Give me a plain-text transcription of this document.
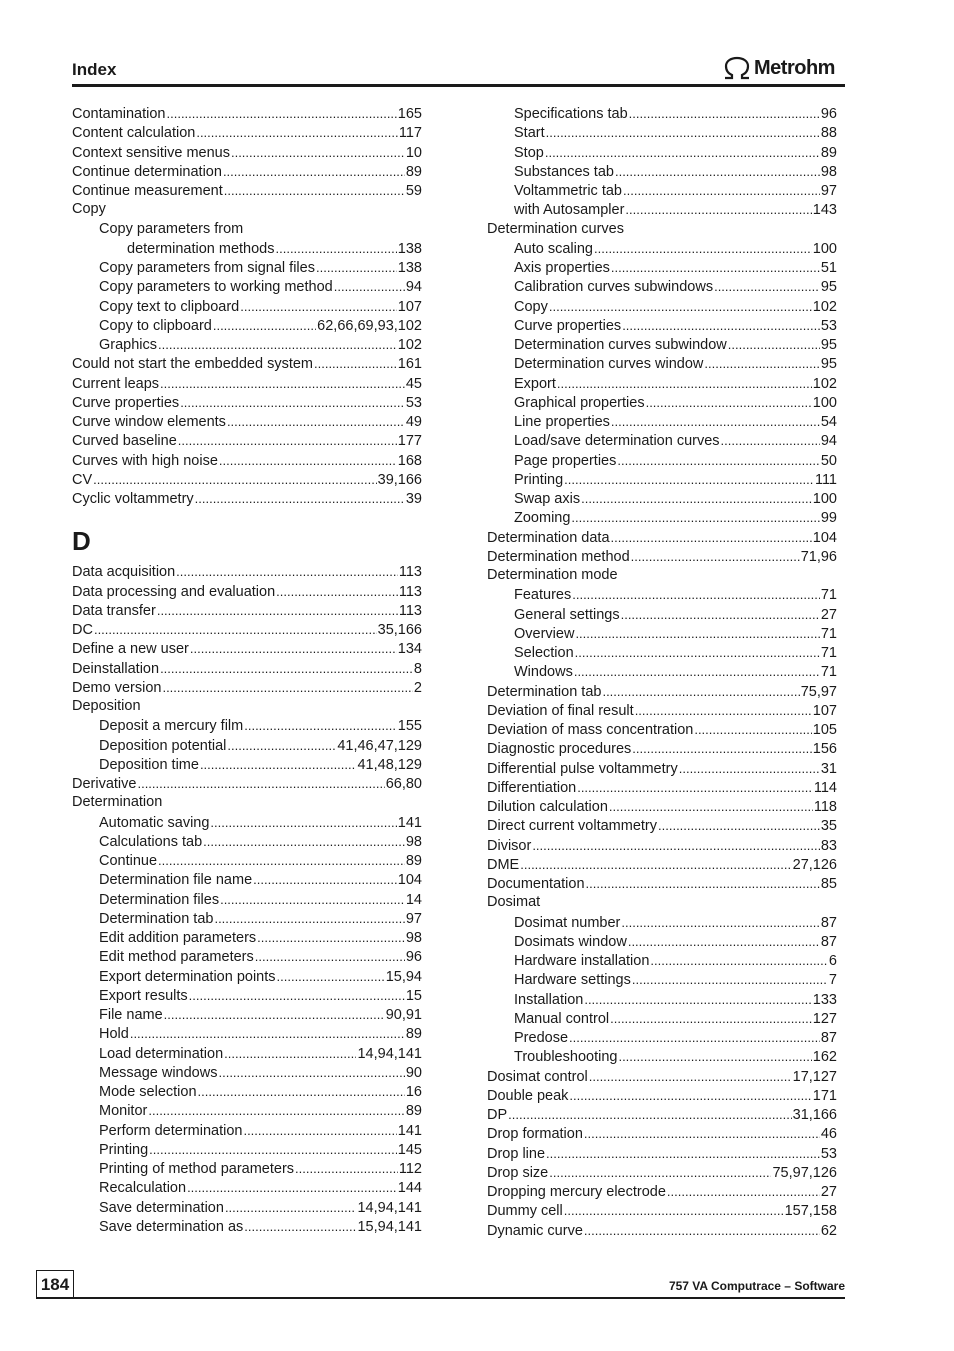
Index	Metrohm
Contamination .....	165
Content calculation .....	117
Context sensitive menus .....	10
Continue determination .....	89
Continue measurement .....	59
Copy
Copy parameters from
determination methods .....	138
Copy parameters from signal files .....	138
Copy parameters to working method .....	94
Copy text to clipboard .....	107
Copy to clipboard .....	62,66,69,93,102
Graphics .....	102
Could not start the embedded system .....	161
Current leaps .....	45
Curve properties .....	53
Curve window elements .....	49
Curved baseline .....	177
Curves with high noise .....	168
CV .....	39,166
Cyclic voltammetry .....	39
D
Data acquisition .....	113
Data processing and evaluation .....	113
Data transfer .....	113
DC .....	35,166
Define a new user .....	134
Deinstallation .....	8
Demo version .....	2
Deposition
Deposit a mercury film .....	155
Deposition potential .....	41,46,47,129
Deposition time .....	41,48,129
Derivative .....	66,80
Determination
Automatic saving .....	141
Calculations tab .....	98
Continue .....	89
Determination file name .....	104
Determination files .....	14
Determination tab .....	97
Edit addition parameters .....	98
Edit method parameters .....	96
Export determination points .....	15,94
Export results .....	15
File name .....	90,91
Hold .....	89
Load determination .....	14,94,141
Message windows .....	90
Mode selection .....	16
Monitor .....	89
Perform determination .....	141
Printing .....	145
Printing of method parameters .....	112
Recalculation .....	144
Save determination .....	14,94,141
Save determination as .....	15,94,141
Specifications tab .....	96
Start .....	88
Stop .....	89
Substances tab .....	98
Voltammetric tab .....	97
with Autosampler .....	143
Determination curves
Auto scaling .....	100
Axis properties .....	51
Calibration curves subwindows .....	95
Copy .....	102
Curve properties .....	53
Determination curves subwindow .....	95
Determination curves window .....	95
Export .....	102
Graphical properties .....	100
Line properties .....	54
Load/save determination curves .....	94
Page properties .....	50
Printing .....	111
Swap axis .....	100
Zooming .....	99
Determination data .....	104
Determination method .....	71,96
Determination mode
Features .....	71
General settings .....	27
Overview .....	71
Selection .....	71
Windows .....	71
Determination tab .....	75,97
Deviation of final result .....	107
Deviation of mass concentration .....	105
Diagnostic procedures .....	156
Differential pulse voltammetry .....	31
Differentiation .....	114
Dilution calculation .....	118
Direct current voltammetry .....	35
Divisor .....	83
DME .....	27,126
Documentation .....	85
Dosimat
Dosimat number .....	87
Dosimats window .....	87
Hardware installation .....	6
Hardware settings .....	7
Installation .....	133
Manual control .....	127
Predose .....	87
Troubleshooting .....	162
Dosimat control .....	17,127
Double peak .....	171
DP .....	31,166
Drop formation .....	46
Drop line .....	53
Drop size .....	75,97,126
Dropping mercury electrode .....	27
Dummy cell .....	157,158
Dynamic curve .....	62
184	757 VA Computrace – Software
